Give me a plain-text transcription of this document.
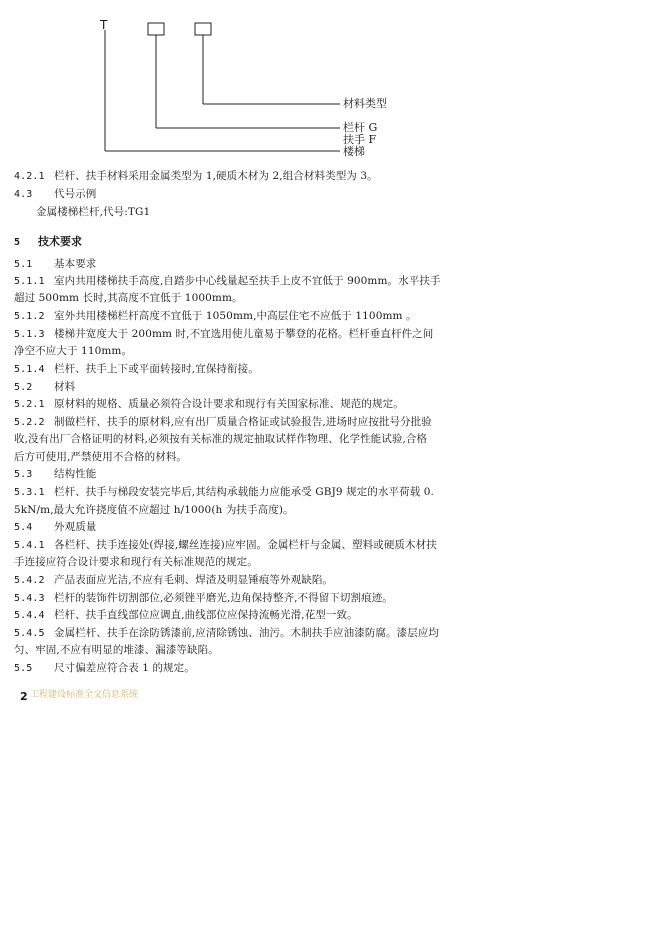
T
材料类型
栏杆 G
扶手 F
楼梯
4.2.1 栏杆、扶手材料采用金属类型为 1,硬质木材为 2,组合材料类型为 3。
4.3 代号示例
金属楼梯栏杆,代号:TG1
5 技术要求
5.1 基本要求
5.1.1 室内共用楼梯扶手高度,自踏步中心线量起至扶手上皮不宜低于 900mm。水平扶手
超过 500mm 长时,其高度不宜低于 1000mm。
5.1.2 室外共用楼梯栏杆高度不宜低于 1050mm,中高层住宅不应低于 1100mm 。
5.1.3 楼梯井宽度大于 200mm 时,不宜选用使儿童易于攀登的花格。栏杆垂直杆件之间
净空不应大于 110mm。
5.1.4 栏杆、扶手上下或平面转接时,宜保持衔接。
5.2 材料
5.2.1 原材料的规格、质量必须符合设计要求和现行有关国家标准、规范的规定。
5.2.2 制做栏杆、扶手的原材料,应有出厂质量合格证或试验报告,进场时应按批号分批验
收,没有出厂合格证明的材料,必须按有关标准的规定抽取试样作物理、化学性能试验,合格
后方可使用,严禁使用不合格的材料。
5.3 结构性能
5.3.1 栏杆、扶手与梯段安装完毕后,其结构承载能力应能承受 GBJ9 规定的水平荷载 0.
5kN/m,最大允许挠度值不应超过 h/1000(h 为扶手高度)。
5.4 外观质量
5.4.1 各栏杆、扶手连接处(焊接,螺丝连接)应牢固。金属栏杆与金属、塑料或硬质木材扶
手连接应符合设计要求和现行有关标准规范的规定。
5.4.2 产品表面应光洁,不应有毛刺、焊渣及明显锤痕等外观缺陷。
5.4.3 栏杆的装饰件切割部位,必须锉平磨光,边角保持整齐,不得留下切割痕迹。
5.4.4 栏杆、扶手直线部位应调直,曲线部位应保持流畅光滑,花型一致。
5.4.5 金属栏杆、扶手在涂防锈漆前,应清除锈蚀、油污。木制扶手应油漆防腐。漆层应均
匀、牢固,不应有明显的堆漆、漏漆等缺陷。
5.5 尺寸偏差应符合表 1 的规定。
2 工程建设标准全文信息系统
